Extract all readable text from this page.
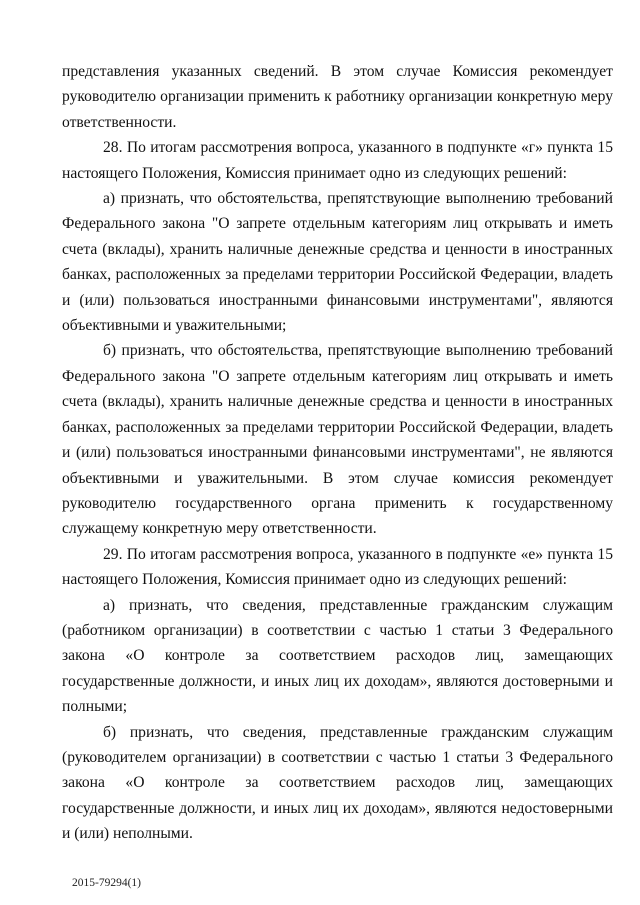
представления указанных сведений. В этом случае Комиссия рекомендует руководителю организации применить к работнику организации конкретную меру ответственности.

28. По итогам рассмотрения вопроса, указанного в подпункте «г» пункта 15 настоящего Положения, Комиссия принимает одно из следующих решений:

а) признать, что обстоятельства, препятствующие выполнению требований Федерального закона "О запрете отдельным категориям лиц открывать и иметь счета (вклады), хранить наличные денежные средства и ценности в иностранных банках, расположенных за пределами территории Российской Федерации, владеть и (или) пользоваться иностранными финансовыми инструментами", являются объективными и уважительными;

б) признать, что обстоятельства, препятствующие выполнению требований Федерального закона "О запрете отдельным категориям лиц открывать и иметь счета (вклады), хранить наличные денежные средства и ценности в иностранных банках, расположенных за пределами территории Российской Федерации, владеть и (или) пользоваться иностранными финансовыми инструментами", не являются объективными и уважительными. В этом случае комиссия рекомендует руководителю государственного органа применить к государственному служащему конкретную меру ответственности.

29. По итогам рассмотрения вопроса, указанного в подпункте «е» пункта 15 настоящего Положения, Комиссия принимает одно из следующих решений:

а) признать, что сведения, представленные гражданским служащим (работником организации) в соответствии с частью 1 статьи 3 Федерального закона «О контроле за соответствием расходов лиц, замещающих государственные должности, и иных лиц их доходам», являются достоверными и полными;

б) признать, что сведения, представленные гражданским служащим (руководителем организации) в соответствии с частью 1 статьи 3 Федерального закона «О контроле за соответствием расходов лиц, замещающих государственные должности, и иных лиц их доходам», являются недостоверными и (или) неполными.

2015-79294(1)
